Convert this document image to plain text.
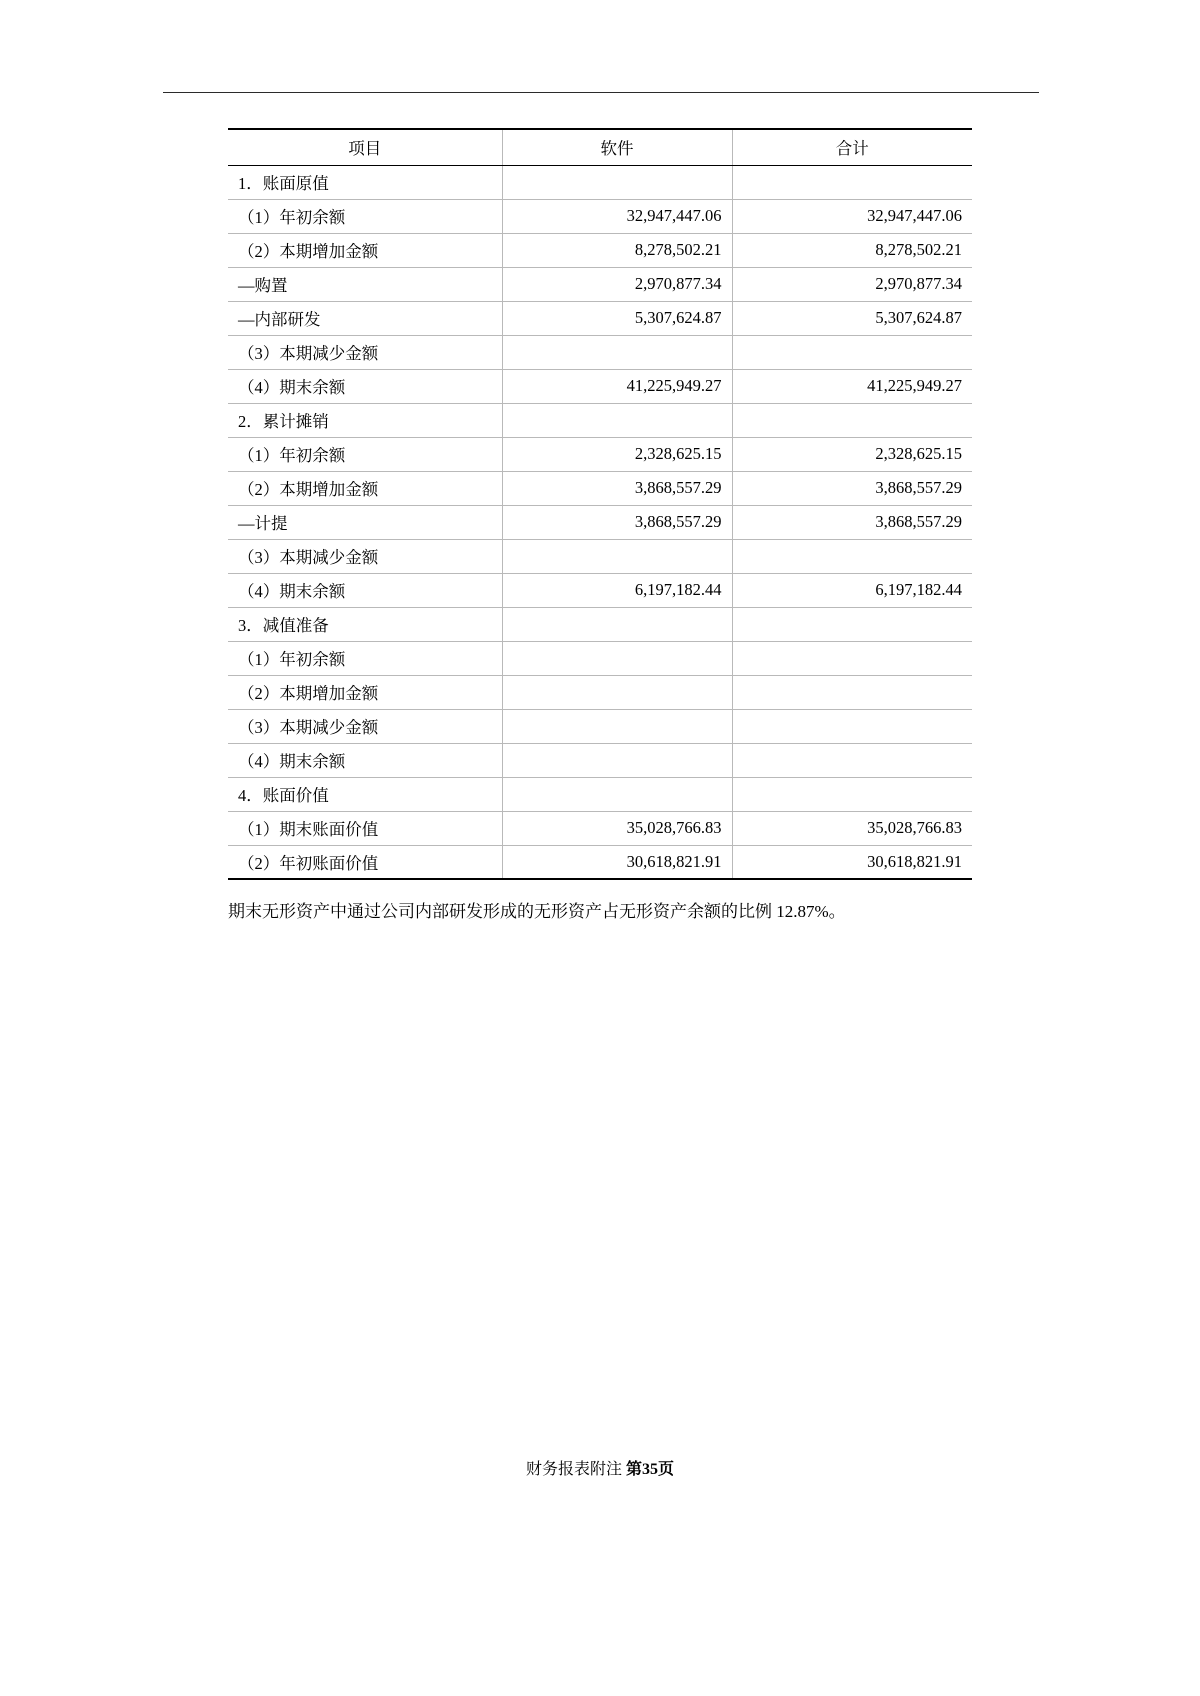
项目	软件	合计
1．账面原值		
（1）年初余额	32,947,447.06	32,947,447.06
（2）本期增加金额	8,278,502.21	8,278,502.21
—购置	2,970,877.34	2,970,877.34
—内部研发	5,307,624.87	5,307,624.87
（3）本期减少金额		
（4）期末余额	41,225,949.27	41,225,949.27
2．累计摊销		
（1）年初余额	2,328,625.15	2,328,625.15
（2）本期增加金额	3,868,557.29	3,868,557.29
—计提	3,868,557.29	3,868,557.29
（3）本期减少金额		
（4）期末余额	6,197,182.44	6,197,182.44
3．减值准备		
（1）年初余额		
（2）本期增加金额		
（3）本期减少金额		
（4）期末余额		
4．账面价值		
（1）期末账面价值	35,028,766.83	35,028,766.83
（2）年初账面价值	30,618,821.91	30,618,821.91
期末无形资产中通过公司内部研发形成的无形资产占无形资产余额的比例 12.87%。
财务报表附注 第35页
